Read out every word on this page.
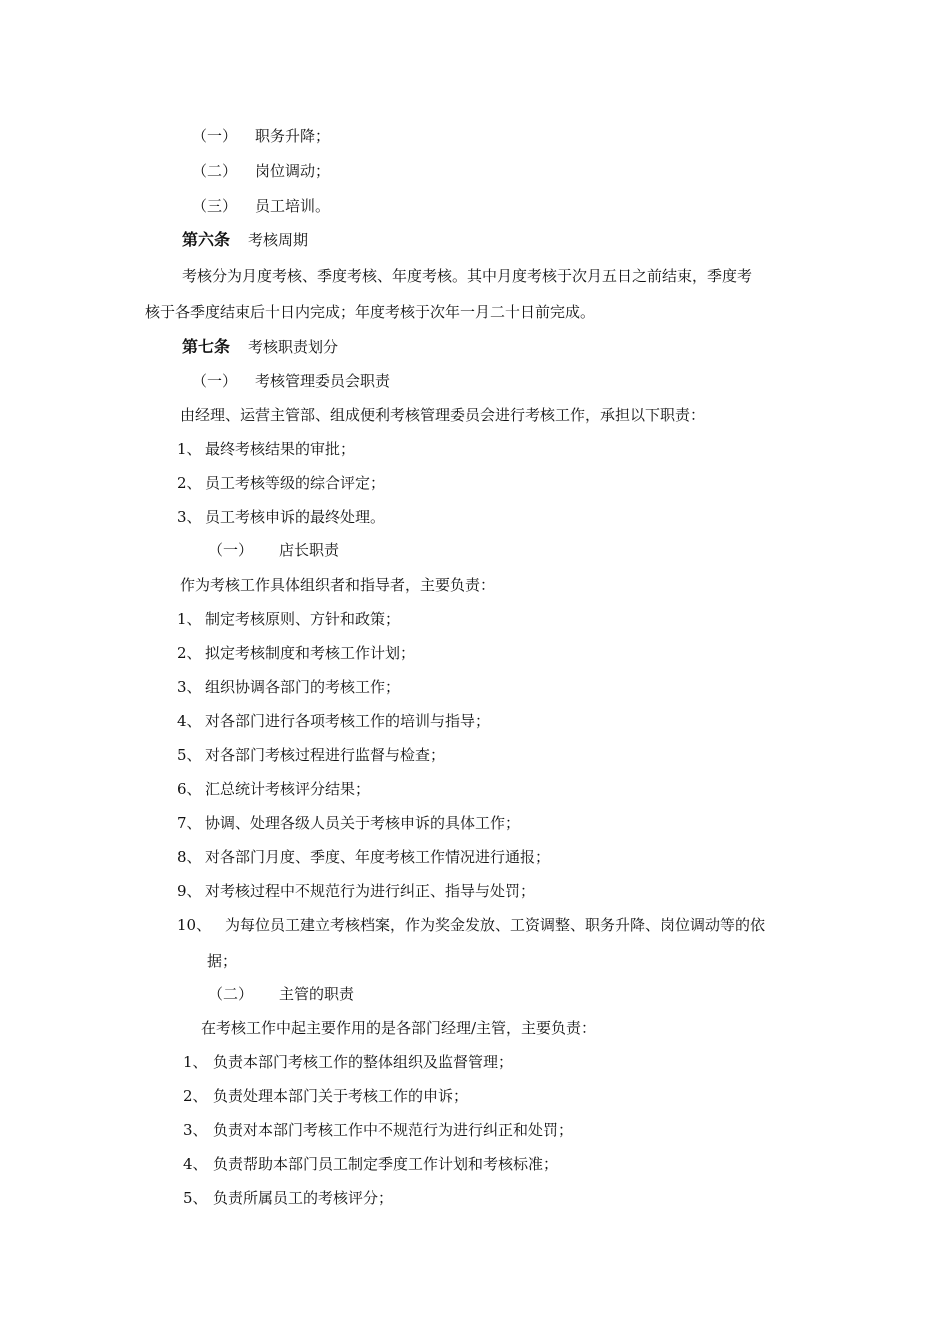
（一） 职务升降；
（二） 岗位调动；
（三） 员工培训。
第六条 考核周期
考核分为月度考核、季度考核、年度考核。其中月度考核于次月五日之前结束，季度考
核于各季度结束后十日内完成；年度考核于次年一月二十日前完成。
第七条 考核职责划分
（一） 考核管理委员会职责
由经理、运营主管部、组成便利考核管理委员会进行考核工作，承担以下职责：
1、 最终考核结果的审批；
2、 员工考核等级的综合评定；
3、 员工考核申诉的最终处理。
（一） 店长职责
作为考核工作具体组织者和指导者，主要负责：
1、 制定考核原则、方针和政策；
2、 拟定考核制度和考核工作计划；
3、 组织协调各部门的考核工作；
4、 对各部门进行各项考核工作的培训与指导；
5、 对各部门考核过程进行监督与检查；
6、 汇总统计考核评分结果；
7、 协调、处理各级人员关于考核申诉的具体工作；
8、 对各部门月度、季度、年度考核工作情况进行通报；
9、 对考核过程中不规范行为进行纠正、指导与处罚；
10、 为每位员工建立考核档案，作为奖金发放、工资调整、职务升降、岗位调动等的依
据；
（二） 主管的职责
在考核工作中起主要作用的是各部门经理/主管，主要负责：
1、 负责本部门考核工作的整体组织及监督管理；
2、 负责处理本部门关于考核工作的申诉；
3、 负责对本部门考核工作中不规范行为进行纠正和处罚；
4、 负责帮助本部门员工制定季度工作计划和考核标准；
5、 负责所属员工的考核评分；
